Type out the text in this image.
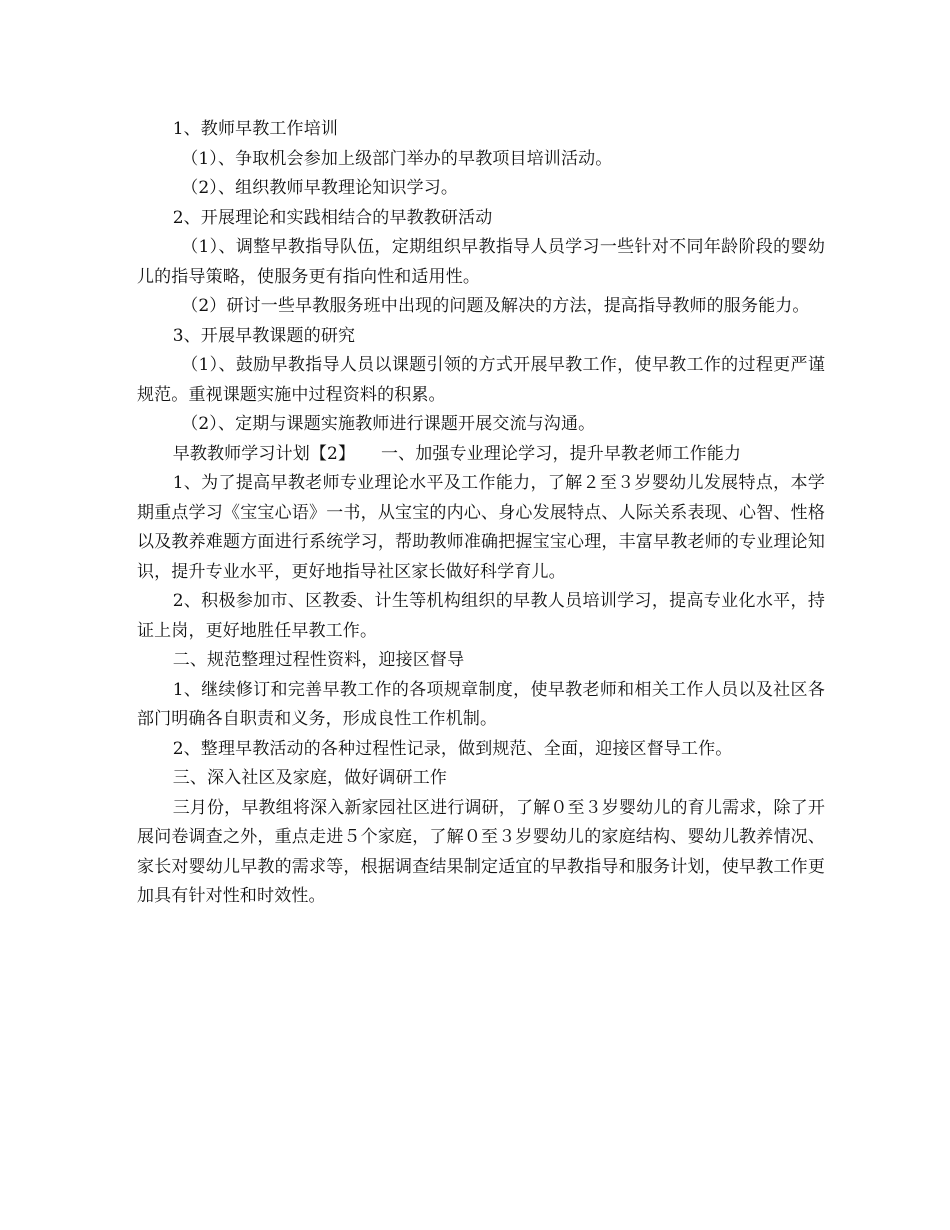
1、教师早教工作培训

（1）、争取机会参加上级部门举办的早教项目培训活动。

（2）、组织教师早教理论知识学习。

2、开展理论和实践相结合的早教教研活动

（1）、调整早教指导队伍，定期组织早教指导人员学习一些针对不同年龄阶段的婴幼儿的指导策略，使服务更有指向性和适用性。

（2）研讨一些早教服务班中出现的问题及解决的方法，提高指导教师的服务能力。

3、开展早教课题的研究

（1）、鼓励早教指导人员以课题引领的方式开展早教工作，使早教工作的过程更严谨规范。重视课题实施中过程资料的积累。

（2）、定期与课题实施教师进行课题开展交流与沟通。

早教教师学习计划【2】　　一、加强专业理论学习，提升早教老师工作能力

1、为了提高早教老师专业理论水平及工作能力，了解２至３岁婴幼儿发展特点，本学期重点学习《宝宝心语》一书，从宝宝的内心、身心发展特点、人际关系表现、心智、性格以及教养难题方面进行系统学习，帮助教师准确把握宝宝心理，丰富早教老师的专业理论知识，提升专业水平，更好地指导社区家长做好科学育儿。

2、积极参加市、区教委、计生等机构组织的早教人员培训学习，提高专业化水平，持证上岗，更好地胜任早教工作。

二、规范整理过程性资料，迎接区督导

1、继续修订和完善早教工作的各项规章制度，使早教老师和相关工作人员以及社区各部门明确各自职责和义务，形成良性工作机制。

2、整理早教活动的各种过程性记录，做到规范、全面，迎接区督导工作。

三、深入社区及家庭，做好调研工作

三月份，早教组将深入新家园社区进行调研，了解０至３岁婴幼儿的育儿需求，除了开展问卷调查之外，重点走进５个家庭，了解０至３岁婴幼儿的家庭结构、婴幼儿教养情况、家长对婴幼儿早教的需求等，根据调查结果制定适宜的早教指导和服务计划，使早教工作更加具有针对性和时效性。
